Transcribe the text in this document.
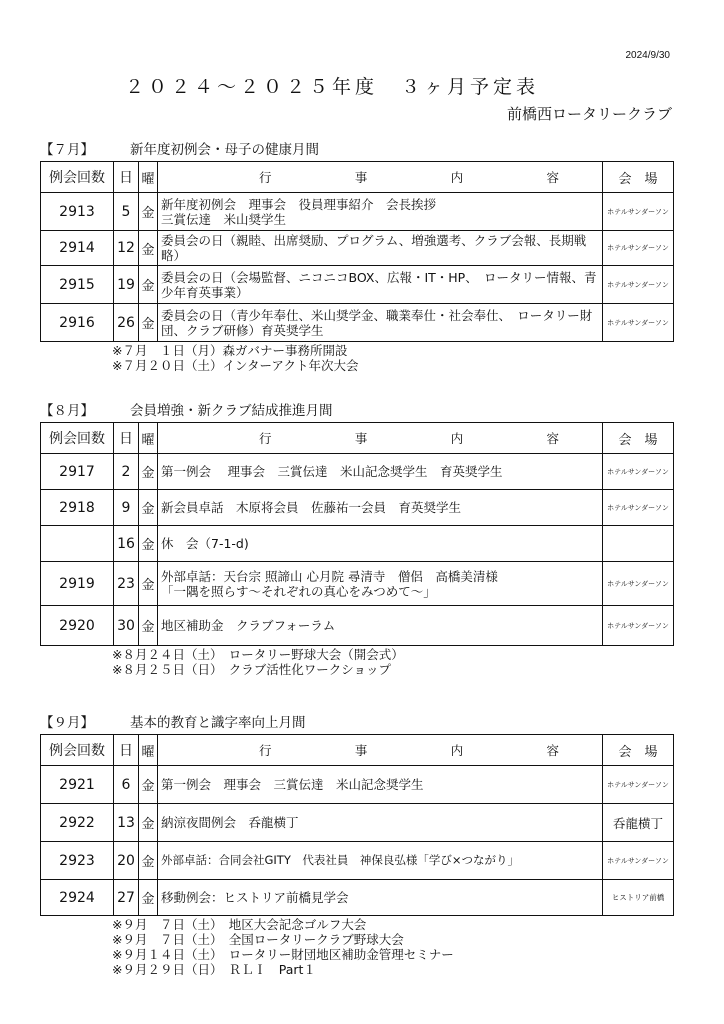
2024/9/30
２０２４～２０２５年度　３ヶ月予定表
前橋西ロータリークラブ
【７月】	新年度初例会・母子の健康月間
例会回数	日	曜	行 事 内 容	会　場
2913	5	金	新年度初例会　理事会　役員理事紹介　会長挨拶
三賞伝達　米山奨学生	ホテルサンダーソン
2914	12	金	委員会の日（親睦、出席奨励、プログラム、増強選考、クラブ会報、長期戦略）	ホテルサンダーソン
2915	19	金	委員会の日（会場監督、ニコニコBOX、広報・IT・HP、　ロータリー情報、青少年育英事業）	ホテルサンダーソン
2916	26	金	委員会の日（青少年奉仕、米山奨学金、職業奉仕・社会奉仕、　ロータリー財団、クラブ研修）育英奨学生	ホテルサンダーソン
※７月　１日（月）森ガバナー事務所開設
※７月２０日（土）インターアクト年次大会
【８月】	会員増強・新クラブ結成推進月間
例会回数	日	曜	行 事 内 容	会　場
2917	2	金	第一例会　 理事会　三賞伝達　米山記念奨学生　育英奨学生	ホテルサンダーソン
2918	9	金	新会員卓話　木原将会員　佐藤祐一会員　育英奨学生	ホテルサンダーソン
	16	金	休　会（7-1-d)	
2919	23	金	外部卓話：天台宗 照諦山 心月院 尋清寺　僧侶　高橋美清様
「一隅を照らす～それぞれの真心をみつめて～」	ホテルサンダーソン
2920	30	金	地区補助金　クラブフォーラム	ホテルサンダーソン
※８月２４日（土）　ロータリー野球大会（開会式）
※８月２５日（日）　クラブ活性化ワークショップ
【９月】	基本的教育と識字率向上月間
例会回数	日	曜	行 事 内 容	会　場
2921	6	金	第一例会　理事会　三賞伝達　米山記念奨学生	ホテルサンダーソン
2922	13	金	納涼夜間例会　呑龍横丁	呑龍横丁
2923	20	金	外部卓話：合同会社GITY　代表社員　神保良弘様「学び×つながり」	ホテルサンダーソン
2924	27	金	移動例会：ヒストリア前橋見学会	ヒストリア前橋
※９月　７日（土）　地区大会記念ゴルフ大会
※９月　７日（土）　全国ロータリークラブ野球大会
※９月１４日（土）　ロータリー財団地区補助金管理セミナー
※９月２９日（日）　ＲＬＩ　Part１
